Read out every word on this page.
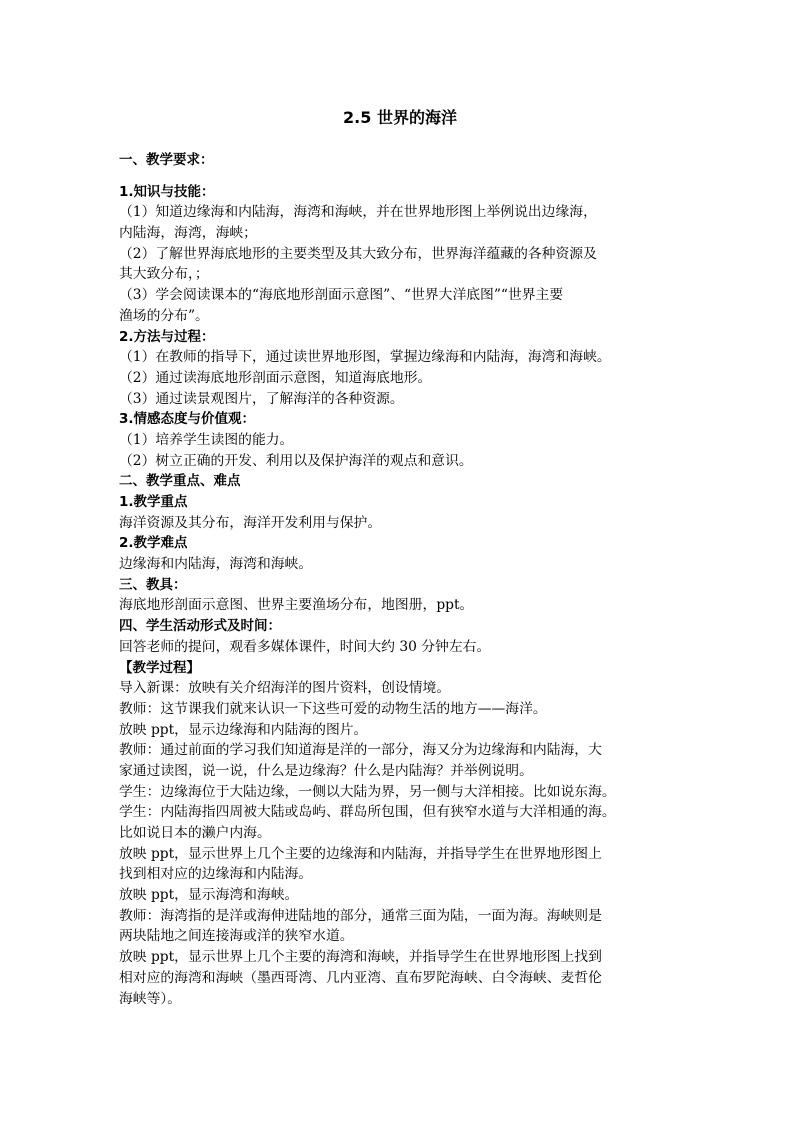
2.5 世界的海洋
一、教学要求：
1.知识与技能：
（1）知道边缘海和内陆海，海湾和海峡，并在世界地形图上举例说出边缘海，
内陆海，海湾，海峡；
（2）了解世界海底地形的主要类型及其大致分布，世界海洋蕴藏的各种资源及
其大致分布，；
（3）学会阅读课本的“海底地形剖面示意图”、“世界大洋底图”“世界主要
渔场的分布”。
2.方法与过程：
（1）在教师的指导下，通过读世界地形图，掌握边缘海和内陆海，海湾和海峡。
（2）通过读海底地形剖面示意图，知道海底地形。
（3）通过读景观图片，了解海洋的各种资源。
3.情感态度与价值观：
（1）培养学生读图的能力。
（2）树立正确的开发、利用以及保护海洋的观点和意识。
二、教学重点、难点
1.教学重点
海洋资源及其分布，海洋开发利用与保护。
2.教学难点
边缘海和内陆海，海湾和海峡。
三、教具：
海底地形剖面示意图、世界主要渔场分布，地图册，ppt。
四、学生活动形式及时间：
回答老师的提问，观看多媒体课件，时间大约 30 分钟左右。
【教学过程】
导入新课：放映有关介绍海洋的图片资料，创设情境。
教师：这节课我们就来认识一下这些可爱的动物生活的地方——海洋。
放映 ppt，显示边缘海和内陆海的图片。
教师：通过前面的学习我们知道海是洋的一部分，海又分为边缘海和内陆海，大
家通过读图，说一说，什么是边缘海？什么是内陆海？并举例说明。
学生：边缘海位于大陆边缘，一侧以大陆为界，另一侧与大洋相接。比如说东海。
学生：内陆海指四周被大陆或岛屿、群岛所包围，但有狭窄水道与大洋相通的海。
比如说日本的濑户内海。
放映 ppt，显示世界上几个主要的边缘海和内陆海，并指导学生在世界地形图上
找到相对应的边缘海和内陆海。
放映 ppt，显示海湾和海峡。
教师：海湾指的是洋或海伸进陆地的部分，通常三面为陆，一面为海。海峡则是
两块陆地之间连接海或洋的狭窄水道。
放映 ppt，显示世界上几个主要的海湾和海峡，并指导学生在世界地形图上找到
相对应的海湾和海峡（墨西哥湾、几内亚湾、直布罗陀海峡、白令海峡、麦哲伦
海峡等）。
